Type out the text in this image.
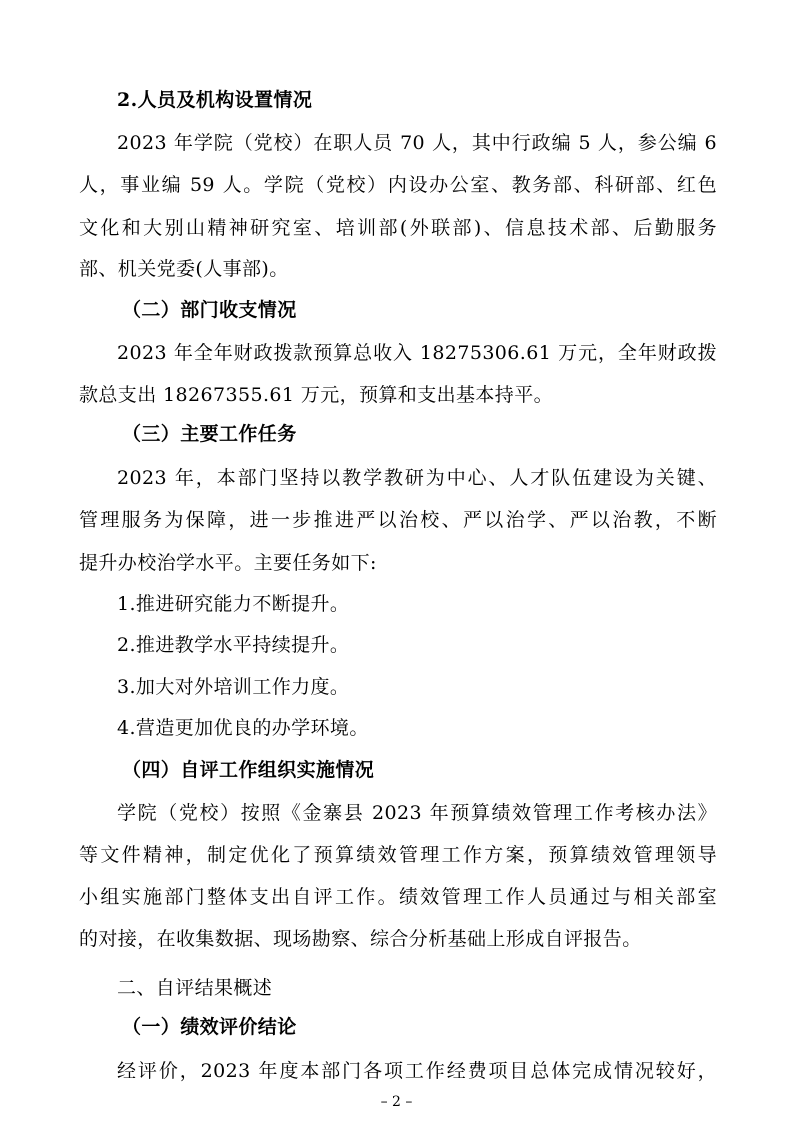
2.人员及机构设置情况
2023 年学院（党校）在职人员 70 人，其中行政编 5 人，参公编 6
人，事业编 59 人。学院（党校）内设办公室、教务部、科研部、红色
文化和大别山精神研究室、培训部(外联部)、信息技术部、后勤服务
部、机关党委(人事部)。
（二）部门收支情况
2023 年全年财政拨款预算总收入 18275306.61 万元，全年财政拨
款总支出 18267355.61 万元，预算和支出基本持平。
（三）主要工作任务
2023 年，本部门坚持以教学教研为中心、人才队伍建设为关键、
管理服务为保障，进一步推进严以治校、严以治学、严以治教，不断
提升办校治学水平。主要任务如下:
1.推进研究能力不断提升。
2.推进教学水平持续提升。
3.加大对外培训工作力度。
4.营造更加优良的办学环境。
（四）自评工作组织实施情况
学院（党校）按照《金寨县 2023 年预算绩效管理工作考核办法》
等文件精神，制定优化了预算绩效管理工作方案，预算绩效管理领导
小组实施部门整体支出自评工作。绩效管理工作人员通过与相关部室
的对接，在收集数据、现场勘察、综合分析基础上形成自评报告。
二、自评结果概述
（一）绩效评价结论
经评价，2023 年度本部门各项工作经费项目总体完成情况较好，
– 2 –
